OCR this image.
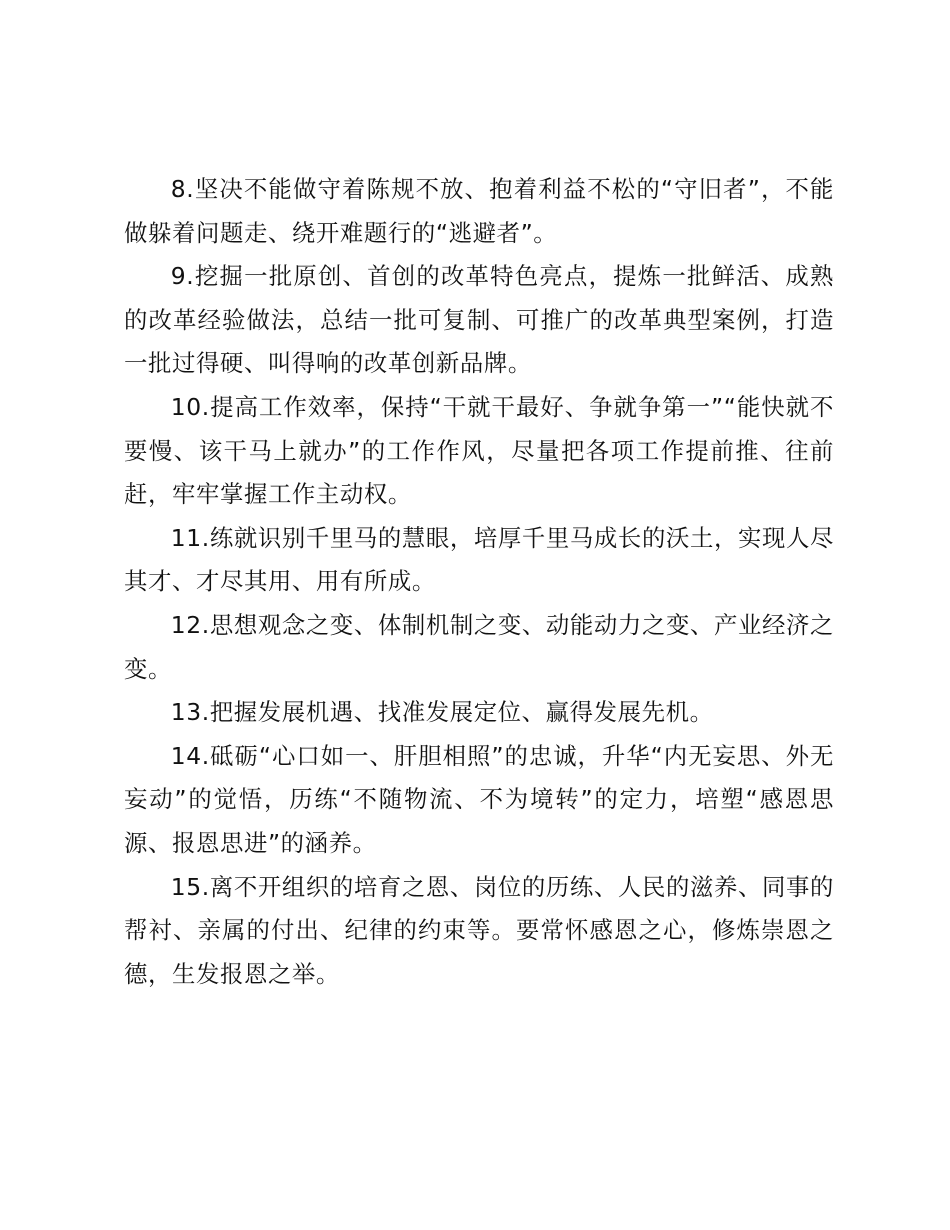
8.坚决不能做守着陈规不放、抱着利益不松的“守旧者”，不能做躲着问题走、绕开难题行的“逃避者”。

9.挖掘一批原创、首创的改革特色亮点，提炼一批鲜活、成熟的改革经验做法，总结一批可复制、可推广的改革典型案例，打造一批过得硬、叫得响的改革创新品牌。

10.提高工作效率，保持“干就干最好、争就争第一”“能快就不要慢、该干马上就办”的工作作风，尽量把各项工作提前推、往前赶，牢牢掌握工作主动权。

11.练就识别千里马的慧眼，培厚千里马成长的沃土，实现人尽其才、才尽其用、用有所成。

12.思想观念之变、体制机制之变、动能动力之变、产业经济之变。

13.把握发展机遇、找准发展定位、赢得发展先机。

14.砥砺“心口如一、肝胆相照”的忠诚，升华“内无妄思、外无妄动”的觉悟，历练“不随物流、不为境转”的定力，培塑“感恩思源、报恩思进”的涵养。

15.离不开组织的培育之恩、岗位的历练、人民的滋养、同事的帮衬、亲属的付出、纪律的约束等。要常怀感恩之心，修炼崇恩之德，生发报恩之举。
